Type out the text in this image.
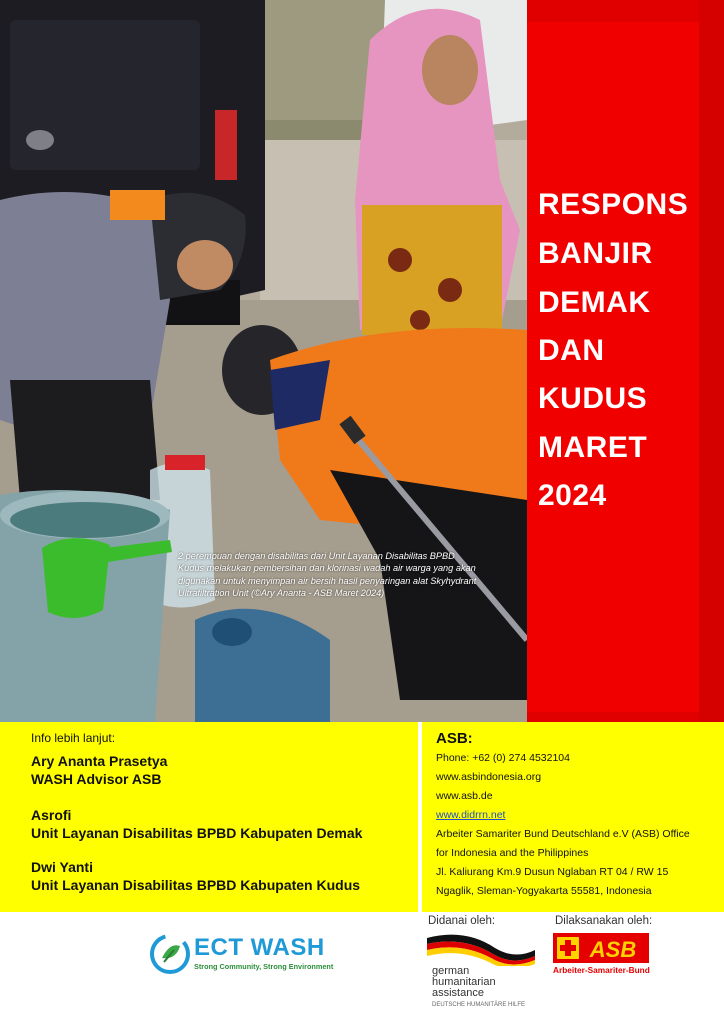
2 perempuan dengan disabilitas dari Unit Layanan Disabilitas BPBD Kudus melakukan pembersihan dan klorinasi wadah air warga yang akan digunakan untuk menyimpan air bersih hasil penyaringan alat Skyhydrant Ultrafiltration Unit (©Ary Ananta - ASB Maret 2024)
RESPONS
BANJIR
DEMAK
DAN
KUDUS
MARET
2024
Info lebih lanjut:
Ary Ananta Prasetya
WASH Advisor ASB
Asrofi
Unit Layanan Disabilitas BPBD Kabupaten Demak
Dwi Yanti
Unit Layanan Disabilitas BPBD Kabupaten Kudus
ASB:
Phone: +62 (0) 274 4532104
www.asbindonesia.org
www.asb.de
www.didrrn.net
Arbeiter Samariter Bund Deutschland e.V (ASB) Office
for Indonesia and the Philippines
Jl. Kaliurang Km.9 Dusun Nglaban RT 04 / RW 15
Ngaglik, Sleman-Yogyakarta 55581, Indonesia
Didanai oleh:	Dilaksanakan oleh:
ECT WASH
Strong Community, Strong Environment	german
humanitarian
assistance
DEUTSCHE HUMANITÄRE HILFE
ASB
Arbeiter-Samariter-Bund
